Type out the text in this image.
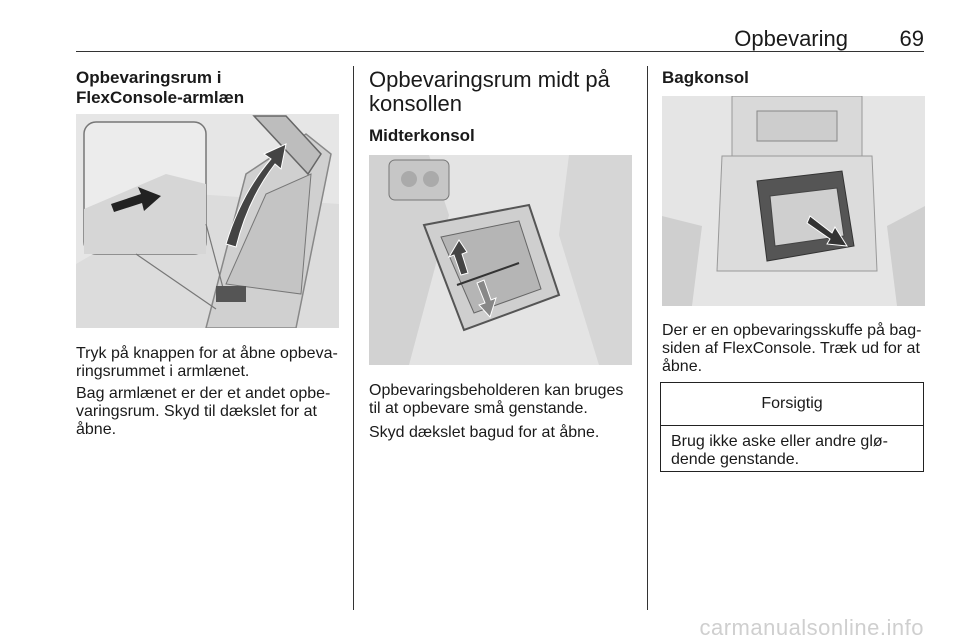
Opbevaring 69
Opbevaringsrum i
FlexConsole-armlæn
Tryk på knappen for at åbne opbeva-
ringsrummet i armlænet.
Bag armlænet er der et andet opbe-
varingsrum. Skyd til dækslet for at
åbne.
Opbevaringsrum midt på
konsollen
Midterkonsol
Opbevaringsbeholderen kan bruges
til at opbevare små genstande.
Skyd dækslet bagud for at åbne.
Bagkonsol
Der er en opbevaringsskuffe på bag-
siden af FlexConsole. Træk ud for at
åbne.
Forsigtig
Brug ikke aske eller andre glø-
dende genstande.
carmanualsonline.info
